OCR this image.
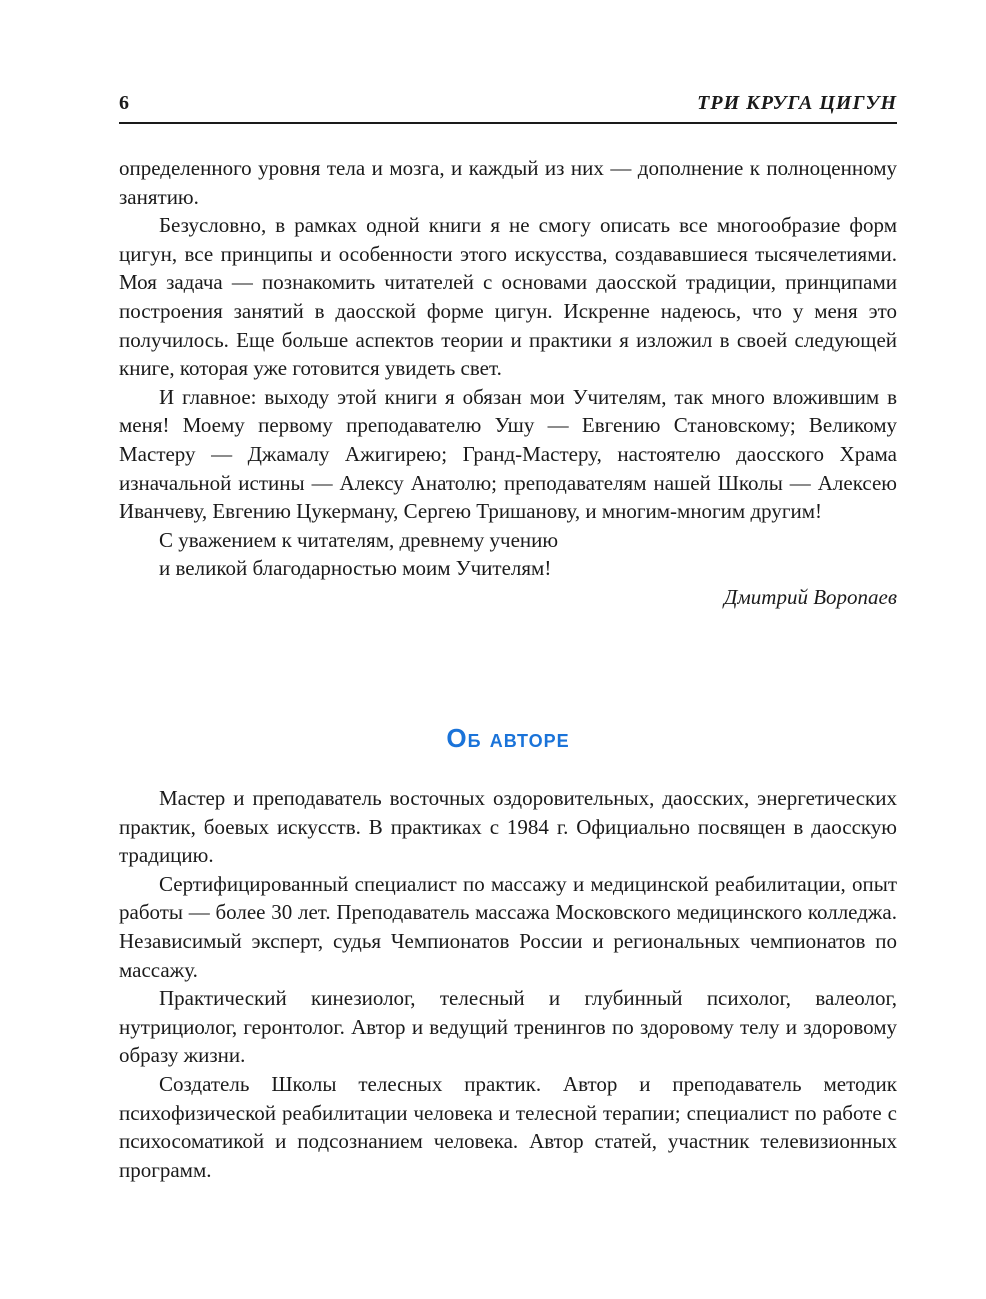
6	ТРИ КРУГА ЦИГУН

определенного уровня тела и мозга, и каждый из них — дополнение к полноценному занятию.

Безусловно, в рамках одной книги я не смогу описать все многообразие форм цигун, все принципы и особенности этого искусства, создававшиеся тысячелетиями. Моя задача — познакомить читателей с основами даосской традиции, принципами построения занятий в даосской форме цигун. Искренне надеюсь, что у меня это получилось. Еще больше аспектов теории и практики я изложил в своей следующей книге, которая уже готовится увидеть свет.

И главное: выходу этой книги я обязан мои Учителям, так много вложившим в меня! Моему первому преподавателю Ушу — Евгению Становскому; Великому Мастеру — Джамалу Ажигирею; Гранд-Мастеру, настоятелю даосского Храма изначальной истины — Алексу Анатолю; преподавателям нашей Школы — Алексею Иванчеву, Евгению Цукерману, Сергею Тришанову, и многим-многим другим!

С уважением к читателям, древнему учению

и великой благодарностью моим Учителям!

Дмитрий Воропаев

Об авторе

Мастер и преподаватель восточных оздоровительных, даосских, энергетических практик, боевых искусств. В практиках с 1984 г. Официально посвящен в даосскую традицию.

Сертифицированный специалист по массажу и медицинской реабилитации, опыт работы — более 30 лет. Преподаватель массажа Московского медицинского колледжа. Независимый эксперт, судья Чемпионатов России и региональных чемпионатов по массажу.

Практический кинезиолог, телесный и глубинный психолог, валеолог, нутрициолог, геронтолог. Автор и ведущий тренингов по здоровому телу и здоровому образу жизни.

Создатель Школы телесных практик. Автор и преподаватель методик психофизической реабилитации человека и телесной терапии; специалист по работе с психосоматикой и подсознанием человека. Автор статей, участник телевизионных программ.
